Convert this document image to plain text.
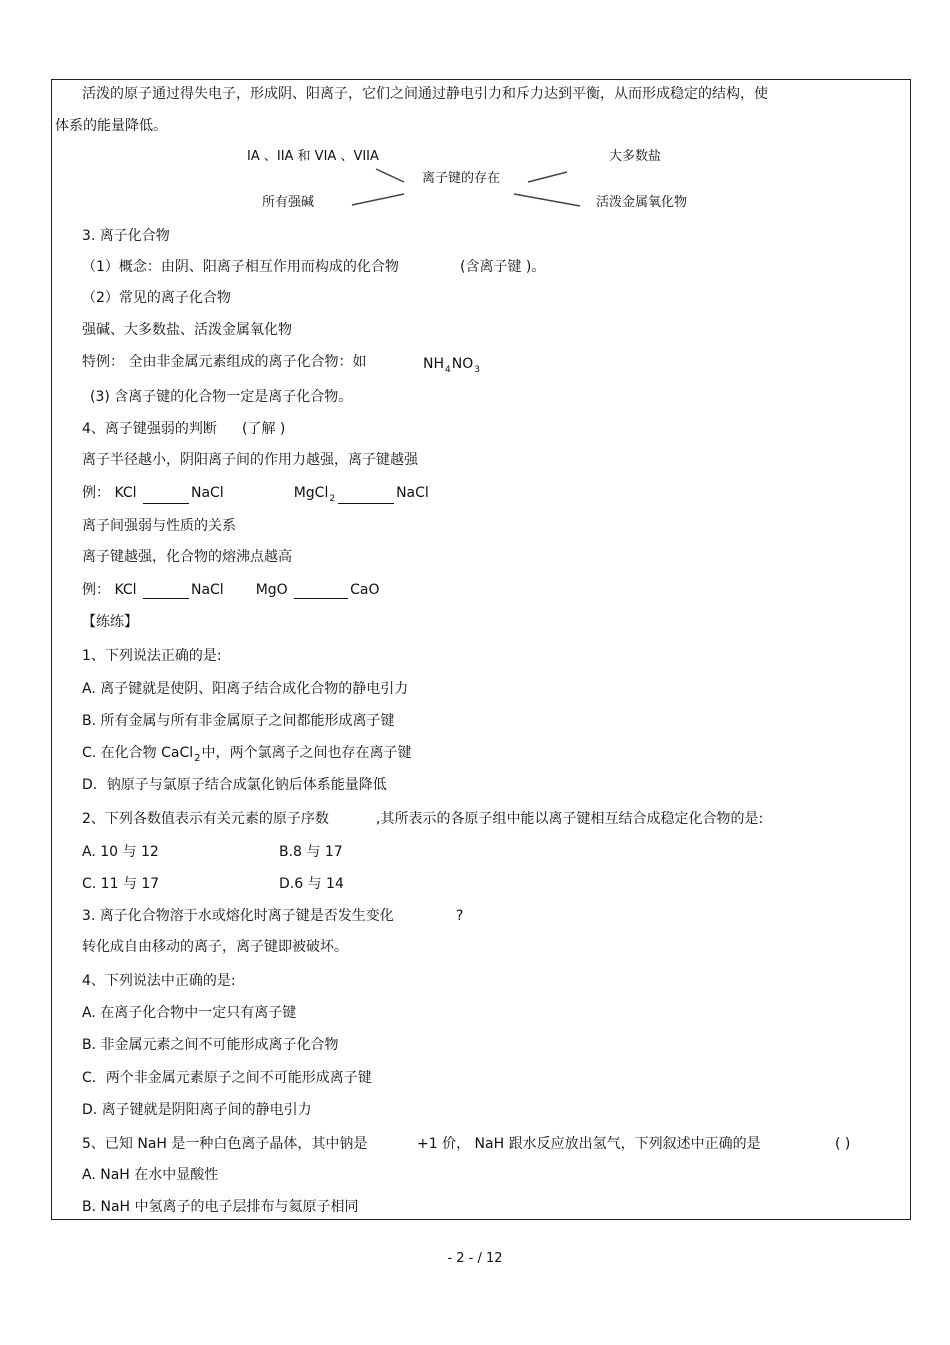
活泼的原子通过得失电子，形成阴、阳离子，它们之间通过静电引力和斥力达到平衡，从而形成稳定的结构，使
体系的能量降低。
IA 、IIA 和 VIA 、VIIA	大多数盐
离子键的存在
所有强碱	活泼金属氧化物
3. 离子化合物
（1）概念：由阴、阳离子相互作用而构成的化合物	(含离子键 )。
（2）常见的离子化合物
强碱、大多数盐、活泼金属氧化物
特例： 全由非金属元素组成的离子化合物：如	$NH_4NO_3$
(3) 含离子键的化合物一定是离子化合物。
4、离子键强弱的判断 (了解 )
离子半径越小，阴阳离子间的作用力越强，离子键越强
例： KCl	NaCl	MgCl$_2$	NaCl
离子间强弱与性质的关系
离子键越强，化合物的熔沸点越高
例： KCl	NaCl MgO	CaO
【练练】
1、下列说法正确的是:
A. 离子键就是使阴、阳离子结合成化合物的静电引力
B. 所有金属与所有非金属原子之间都能形成离子键
C. 在化合物 CaCl$_2$中，两个氯离子之间也存在离子键
D．钠原子与氯原子结合成氯化钠后体系能量降低
2、下列各数值表示有关元素的原子序数	,其所表示的各原子组中能以离子键相互结合成稳定化合物的是:
A. 10 与 12	B.8 与 17
C. 11 与 17	D.6 与 14
3. 离子化合物溶于水或熔化时离子键是否发生变化	?
转化成自由移动的离子，离子键即被破坏。
4、下列说法中正确的是:
A. 在离子化合物中一定只有离子键
B. 非金属元素之间不可能形成离子化合物
C．两个非金属元素原子之间不可能形成离子键
D. 离子键就是阴阳离子间的静电引力
5、已知 NaH 是一种白色离子晶体，其中钠是	+1 价， NaH 跟水反应放出氢气，下列叙述中正确的是	( )
A. NaH 在水中显酸性
B. NaH 中氢离子的电子层排布与氦原子相同
- 2 - / 12
